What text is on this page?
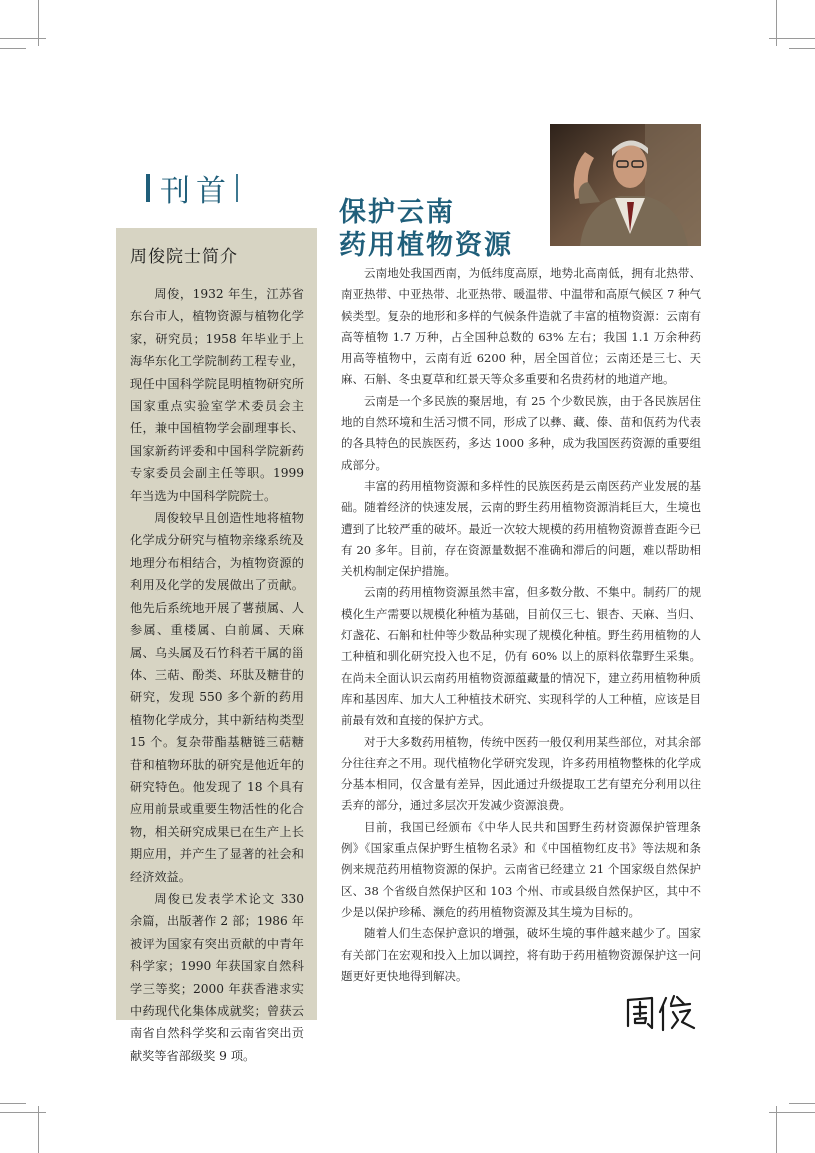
刊首
周俊院士简介

周俊，1932 年生，江苏省东台市人，植物资源与植物化学家，研究员；1958 年毕业于上海华东化工学院制药工程专业，现任中国科学院昆明植物研究所国家重点实验室学术委员会主任，兼中国植物学会副理事长、国家新药评委和中国科学院新药专家委员会副主任等职。1999 年当选为中国科学院院士。

周俊较早且创造性地将植物化学成分研究与植物亲缘系统及地理分布相结合，为植物资源的利用及化学的发展做出了贡献。他先后系统地开展了薯蓣属、人参属、重楼属、白前属、天麻属、乌头属及石竹科若干属的甾体、三萜、酚类、环肽及糖苷的研究，发现 550 多个新的药用植物化学成分，其中新结构类型 15 个。复杂带酯基糖链三萜糖苷和植物环肽的研究是他近年的研究特色。他发现了 18 个具有应用前景或重要生物活性的化合物，相关研究成果已在生产上长期应用，并产生了显著的社会和经济效益。

周俊已发表学术论文 330 余篇，出版著作 2 部；1986 年被评为国家有突出贡献的中青年科学家；1990 年获国家自然科学三等奖；2000 年获香港求实中药现代化集体成就奖；曾获云南省自然科学奖和云南省突出贡献奖等省部级奖 9 项。

保护云南
药用植物资源

云南地处我国西南，为低纬度高原，地势北高南低，拥有北热带、南亚热带、中亚热带、北亚热带、暖温带、中温带和高原气候区 7 种气候类型。复杂的地形和多样的气候条件造就了丰富的植物资源：云南有高等植物 1.7 万种，占全国种总数的 63% 左右；我国 1.1 万余种药用高等植物中，云南有近 6200 种，居全国首位；云南还是三七、天麻、石斛、冬虫夏草和红景天等众多重要和名贵药材的地道产地。

云南是一个多民族的聚居地，有 25 个少数民族，由于各民族居住地的自然环境和生活习惯不同，形成了以彝、藏、傣、苗和佤药为代表的各具特色的民族医药，多达 1000 多种，成为我国医药资源的重要组成部分。

丰富的药用植物资源和多样性的民族医药是云南医药产业发展的基础。随着经济的快速发展，云南的野生药用植物资源消耗巨大，生境也遭到了比较严重的破坏。最近一次较大规模的药用植物资源普查距今已有 20 多年。目前，存在资源量数据不准确和滞后的问题，难以帮助相关机构制定保护措施。

云南的药用植物资源虽然丰富，但多数分散、不集中。制药厂的规模化生产需要以规模化种植为基础，目前仅三七、银杏、天麻、当归、灯盏花、石斛和杜仲等少数品种实现了规模化种植。野生药用植物的人工种植和驯化研究投入也不足，仍有 60% 以上的原料依靠野生采集。在尚未全面认识云南药用植物资源蕴藏量的情况下，建立药用植物种质库和基因库、加大人工种植技术研究、实现科学的人工种植，应该是目前最有效和直接的保护方式。

对于大多数药用植物，传统中医药一般仅利用某些部位，对其余部分往往弃之不用。现代植物化学研究发现，许多药用植物整株的化学成分基本相同，仅含量有差异，因此通过升级提取工艺有望充分利用以往丢弃的部分，通过多层次开发减少资源浪费。

目前，我国已经颁布《中华人民共和国野生药材资源保护管理条例》《国家重点保护野生植物名录》和《中国植物红皮书》等法规和条例来规范药用植物资源的保护。云南省已经建立 21 个国家级自然保护区、38 个省级自然保护区和 103 个州、市或县级自然保护区，其中不少是以保护珍稀、濒危的药用植物资源及其生境为目标的。

随着人们生态保护意识的增强，破坏生境的事件越来越少了。国家有关部门在宏观和投入上加以调控，将有助于药用植物资源保护这一问题更好更快地得到解决。
